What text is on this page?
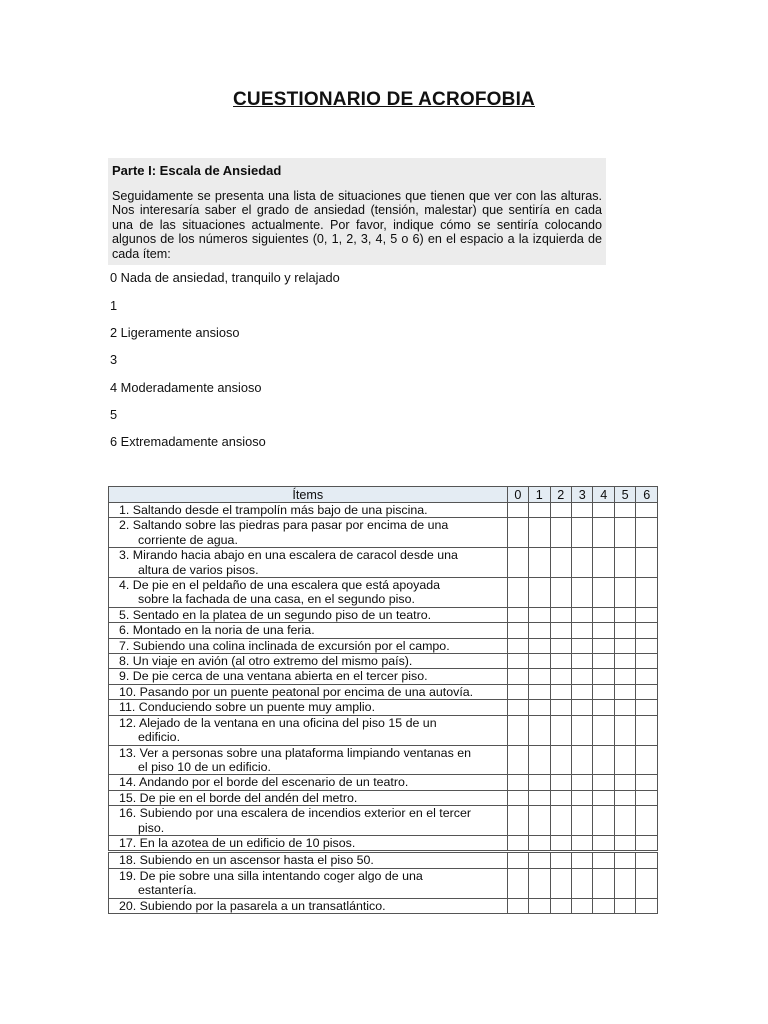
CUESTIONARIO DE ACROFOBIA
Parte I: Escala de Ansiedad
Seguidamente se presenta una lista de situaciones que tienen que ver con las alturas. Nos interesaría saber el grado de ansiedad (tensión, malestar) que sentiría en cada una de las situaciones actualmente. Por favor, indique cómo se sentiría colocando algunos de los números siguientes (0, 1, 2, 3, 4, 5 o 6) en el espacio a la izquierda de cada ítem:
0 Nada de ansiedad, tranquilo y relajado
1
2 Ligeramente ansioso
3
4 Moderadamente ansioso
5
6 Extremadamente ansioso
Ítems	0	1	2	3	4	5	6
1. Saltando desde el trampolín más bajo de una piscina.							
2. Saltando sobre las piedras para pasar por encima de una
corriente de agua.							

3. Mirando hacia abajo en una escalera de caracol desde una
altura de varios pisos.							

4. De pie en el peldaño de una escalera que está apoyada
sobre la fachada de una casa, en el segundo piso.							

5. Sentado en la platea de un segundo piso de un teatro.							
6. Montado en la noria de una feria.							
7. Subiendo una colina inclinada de excursión por el campo.							
8. Un viaje en avión (al otro extremo del mismo país).							
9. De pie cerca de una ventana abierta en el tercer piso.							
10. Pasando por un puente peatonal por encima de una autovía.							
11. Conduciendo sobre un puente muy amplio.							
12. Alejado de la ventana en una oficina del piso 15 de un
edificio.							

13. Ver a personas sobre una plataforma limpiando ventanas en
el piso 10 de un edificio.							

14. Andando por el borde del escenario de un teatro.							
15. De pie en el borde del andén del metro.							
16. Subiendo por una escalera de incendios exterior en el tercer
piso.							

17. En la azotea de un edificio de 10 pisos.							
18. Subiendo en un ascensor hasta el piso 50.							
19. De pie sobre una silla intentando coger algo de una
estantería.							

20. Subiendo por la pasarela a un transatlántico.							
